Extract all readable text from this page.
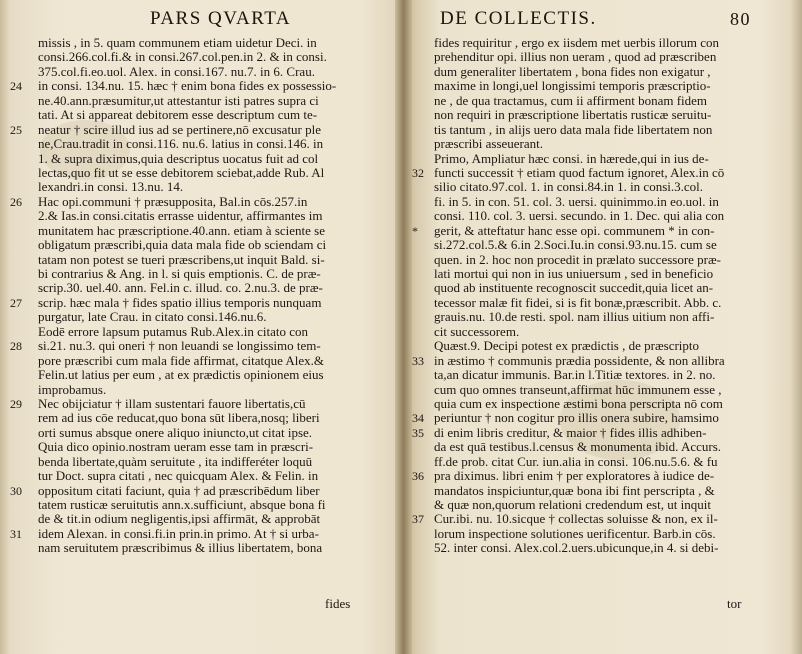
PARS QVARTA
missis , in 5. quam communem etiam uidetur Deci. in
consi.266.col.fi.& in consi.267.col.pen.in 2. & in consi.
375.col.fi.eo.uol. Alex. in consi.167. nu.7. in 6. Crau.
24	in consi. 134.nu. 15. hæc † enim bona fides ex possessio-
ne.40.ann.præsumitur,ut attestantur isti patres supra ci
tati. At si appareat debitorem esse descriptum cum te-
25	neatur † scire illud ius ad se pertinere,nō excusatur ple
ne,Crau.tradit in consi.116. nu.6. latius in consi.146. in
1. & supra diximus,quia descriptus uocatus fuit ad col
lectas,quo fit ut se esse debitorem sciebat,adde Rub. Al
lexandri.in consi. 13.nu. 14.
26	Hac opi.communi † præsupposita, Bal.in cōs.257.in
2.& Ias.in consi.citatis errasse uidentur, affirmantes im
munitatem hac præscriptione.40.ann. etiam à sciente se
obligatum præscribi,quia data mala fide ob sciendam ci
tatam non potest se tueri præscribens,ut inquit Bald. si-
bi contrarius & Ang. in l. si quis emptionis. C. de præ-
scrip.30. uel.40. ann. Fel.in c. illud. co. 2.nu.3. de præ-
27	scrip. hæc mala † fides spatio illius temporis nunquam
purgatur, late Crau. in citato consi.146.nu.6.
Eodē errore lapsum putamus Rub.Alex.in citato con
28	si.21. nu.3. qui oneri † non leuandi se longissimo tem-
pore præscribi cum mala fide affirmat, citatque Alex.&
Felin.ut latius per eum , at ex prædictis opinionem eius
improbamus.
29	Nec obijciatur † illam sustentari fauore libertatis,cū
rem ad ius cōe reducat,quo bona sūt libera,nosq; liberi
orti sumus absque onere aliquo iniuncto,ut citat ipse.
Quia dico opinio.nostram ueram esse tam in præscri-
benda libertate,quàm seruitute , ita indifferéter loquū
tur Doct. supra citati , nec quicquam Alex. & Felin. in
30	oppositum citati faciunt, quia † ad præscribēdum liber
tatem rusticæ seruitutis ann.x.sufficiunt, absque bona fi
de & tit.in odium negligentis,ipsi affirmāt, & approbāt
31	idem Alexan. in consi.fi.in prin.in primo. At † si urba-
nam seruitutem præscribimus & illius libertatem, bona
fides
DE COLLECTIS.	80
fides requiritur , ergo ex iisdem met uerbis illorum con
prehenditur opi. illius non ueram , quod ad præscriben
dum generaliter libertatem , bona fides non exigatur ,
maxime in longi,uel longissimi temporis præscriptio-
ne , de qua tractamus, cum ii affirment bonam fidem
non requiri in præscriptione libertatis rusticæ seruitu-
tis tantum , in alijs uero data mala fide libertatem non
præscribi asseuerant.
Primo, Ampliatur hæc consi. in hærede,qui in ius de-
32 functi successit † etiam quod factum ignoret, Alex.in cō
silio citato.97.col. 1. in consi.84.in 1. in consi.3.col.
fi. in 5. in con. 51. col. 3. uersi. quinimmo.in eo.uol. in
consi. 110. col. 3. uersi. secundo. in 1. Dec. qui alia con
*	gerit, & atteftatur hanc esse opi. communem * in con-
si.272.col.5.& 6.in 2.Soci.Iu.in consi.93.nu.15. cum se
quen. in 2. hoc non procedit in prælato successore præ-
lati mortui qui non in ius uniuersum , sed in beneficio
quod ab instituente recognoscit succedit,quia licet an-
tecessor malæ fit fidei, si is fit bonæ,præscribit. Abb. c.
grauis.nu. 10.de resti. spol. nam illius uitium non affi-
cit successorem.
Quæst.9. Decipi potest ex prædictis , de præscripto
33 in æstimo † communis prædia possidente, & non allibra
ta,an dicatur immunis. Bar.in l.Titiæ textores. in 2. no.
cum quo omnes transeunt,affirmat hūc immunem esse ,
quia cum ex inspectione æstimi bona perscripta nō com
34 periuntur † non cogitur pro illis onera subire, hamsimo
35 di enim libris creditur, & maior † fides illis adhiben-
da est quā testibus.l.census & monumenta ibid. Accurs.
ff.de prob. citat Cur. iun.alia in consi. 106.nu.5.6. & fu
36 pra diximus. libri enim † per exploratores à iudice de-
mandatos inspiciuntur,quæ bona ibi fint perscripta , &
& quæ non,quorum relationi credendum est, ut inquit
37 Cur.ibi. nu. 10.sicque † collectas soluisse & non, ex il-
lorum inspectione solutiones uerificentur. Barb.in cōs.
52. inter consi. Alex.col.2.uers.ubicunque,in 4. si debi-
tor
